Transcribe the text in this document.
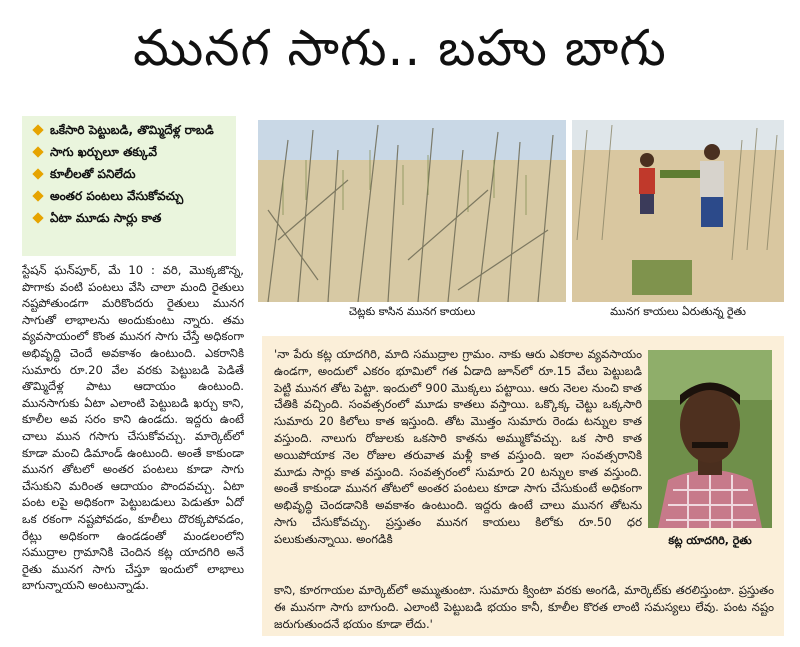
మునగ సాగు.. బహు బాగు
ఒకేసారి పెట్టుబడి, తొమ్మిదేళ్ల రాబడి
సాగు ఖర్చులూ తక్కువే
కూలీలతో పనిలేదు
అంతర పంటలు వేసుకోవచ్చు
ఏటా మూడు సార్లు కాత
స్టేషన్ ఘన్‌పూర్, మే 10 : వరి, మొక్కజొన్న, పొగాకు వంటి పంటలు వేసి చాలా మంది రైతులు నష్టపోతుండగా మరికొందరు రైతులు మునగ సాగుతో లాభాలను అందుకుంటు న్నారు. తమ వ్యవసాయంలో కొంత మునగ సాగు చేస్తే అధికంగా అభివృద్ధి చెందే అవకాశం ఉంటుంది. ఎకరానికి సుమారు రూ.20 వేల వరకు పెట్టుబడి పెడితే తొమ్మిదేళ్ల పాటు ఆదాయం ఉంటుంది. మునసాగుకు ఏటా ఎలాంటి పెట్టుబడి ఖర్చు కాని, కూలీల అవ సరం కాని ఉండదు. ఇద్దరు ఉంటే చాలు మున గసాగు చేసుకోవచ్చు. మార్కెట్‌లో కూడా మంచి డిమాండ్ ఉంటుంది. అంతే కాకుండా మునగ తోటలో అంతర పంటలు కూడా సాగు చేసుకుని మరింత ఆదాయం పొందవచ్చు. ఏటా పంట లపై అధికంగా పెట్టుబడులు పెడుతూ ఏదో ఒక రకంగా నష్టపోవడం, కూలీలు దొరక్కపోవడం, రేట్లు అధికంగా ఉండడంతో మండలంలోని సముద్రాల గ్రామానికి చెందిన కట్ల యాదగిరి అనే రైతు మునగ సాగు చేస్తూ ఇందులో లాభాలు బాగున్నాయని అంటున్నాడు.
చెట్లకు కాసిన మునగ కాయలు	మునగ కాయలు ఏరుతున్న రైతు
'నా పేరు కట్ల యాదగిరి, మాది సముద్రాల గ్రామం. నాకు ఆరు ఎకరాల వ్యవసాయం ఉండగా, అందులో ఎకరం భూమిలో గత ఏడాది జూన్‌లో రూ.15 వేలు పెట్టుబడి పెట్టి మునగ తోట పెట్టా. ఇందులో 900 మొక్కలు పట్టాయి. ఆరు నెలల నుంచి కాత చేతికి వచ్చింది. సంవత్సరంలో మూడు కాతలు వస్తాయి. ఒక్కొక్క చెట్టు ఒక్కసారి సుమారు 20 కిలోలు కాత ఇస్తుంది. తోట మొత్తం సుమారు రెండు టన్నుల కాత వస్తుంది. నాలుగు రోజులకు ఒకసారి కాతను అమ్ముకోవచ్చు. ఒక సారి కాత అయిపోయాక నెల రోజుల తరువాత మళ్లీ కాత వస్తుంది. ఇలా సంవత్సరానికి మూడు సార్లు కాత వస్తుంది. సంవత్సరంలో సుమారు 20 టన్నుల కాత వస్తుంది. అంతే కాకుండా మునగ తోటలో అంతర పంటలు కూడా సాగు చేసుకుంటే అధికంగా అభివృద్ధి చెందడానికి అవకాశం ఉంటుంది. ఇద్దరు ఉంటే చాలు మునగ తోటను సాగు చేసుకోవచ్చు. ప్రస్తుతం మునగ కాయలు కిలోకు రూ.50 ధర పలుకుతున్నాయి. అంగడికి	కట్ల యాదగిరి, రైతు
కాని, కూరగాయల మార్కెట్‌లో అమ్ముతుంటా. సుమారు క్వింటా వరకు అంగడి, మార్కెట్‌కు తరలిస్తుంటా. ప్రస్తుతం ఈ మునగా సాగు బాగుంది. ఎలాంటి పెట్టుబడి భయం కానీ, కూలీల కొరత లాంటి సమస్యలు లేవు. పంట నష్టం జరుగుతుందనే భయం కూడా లేదు.'
